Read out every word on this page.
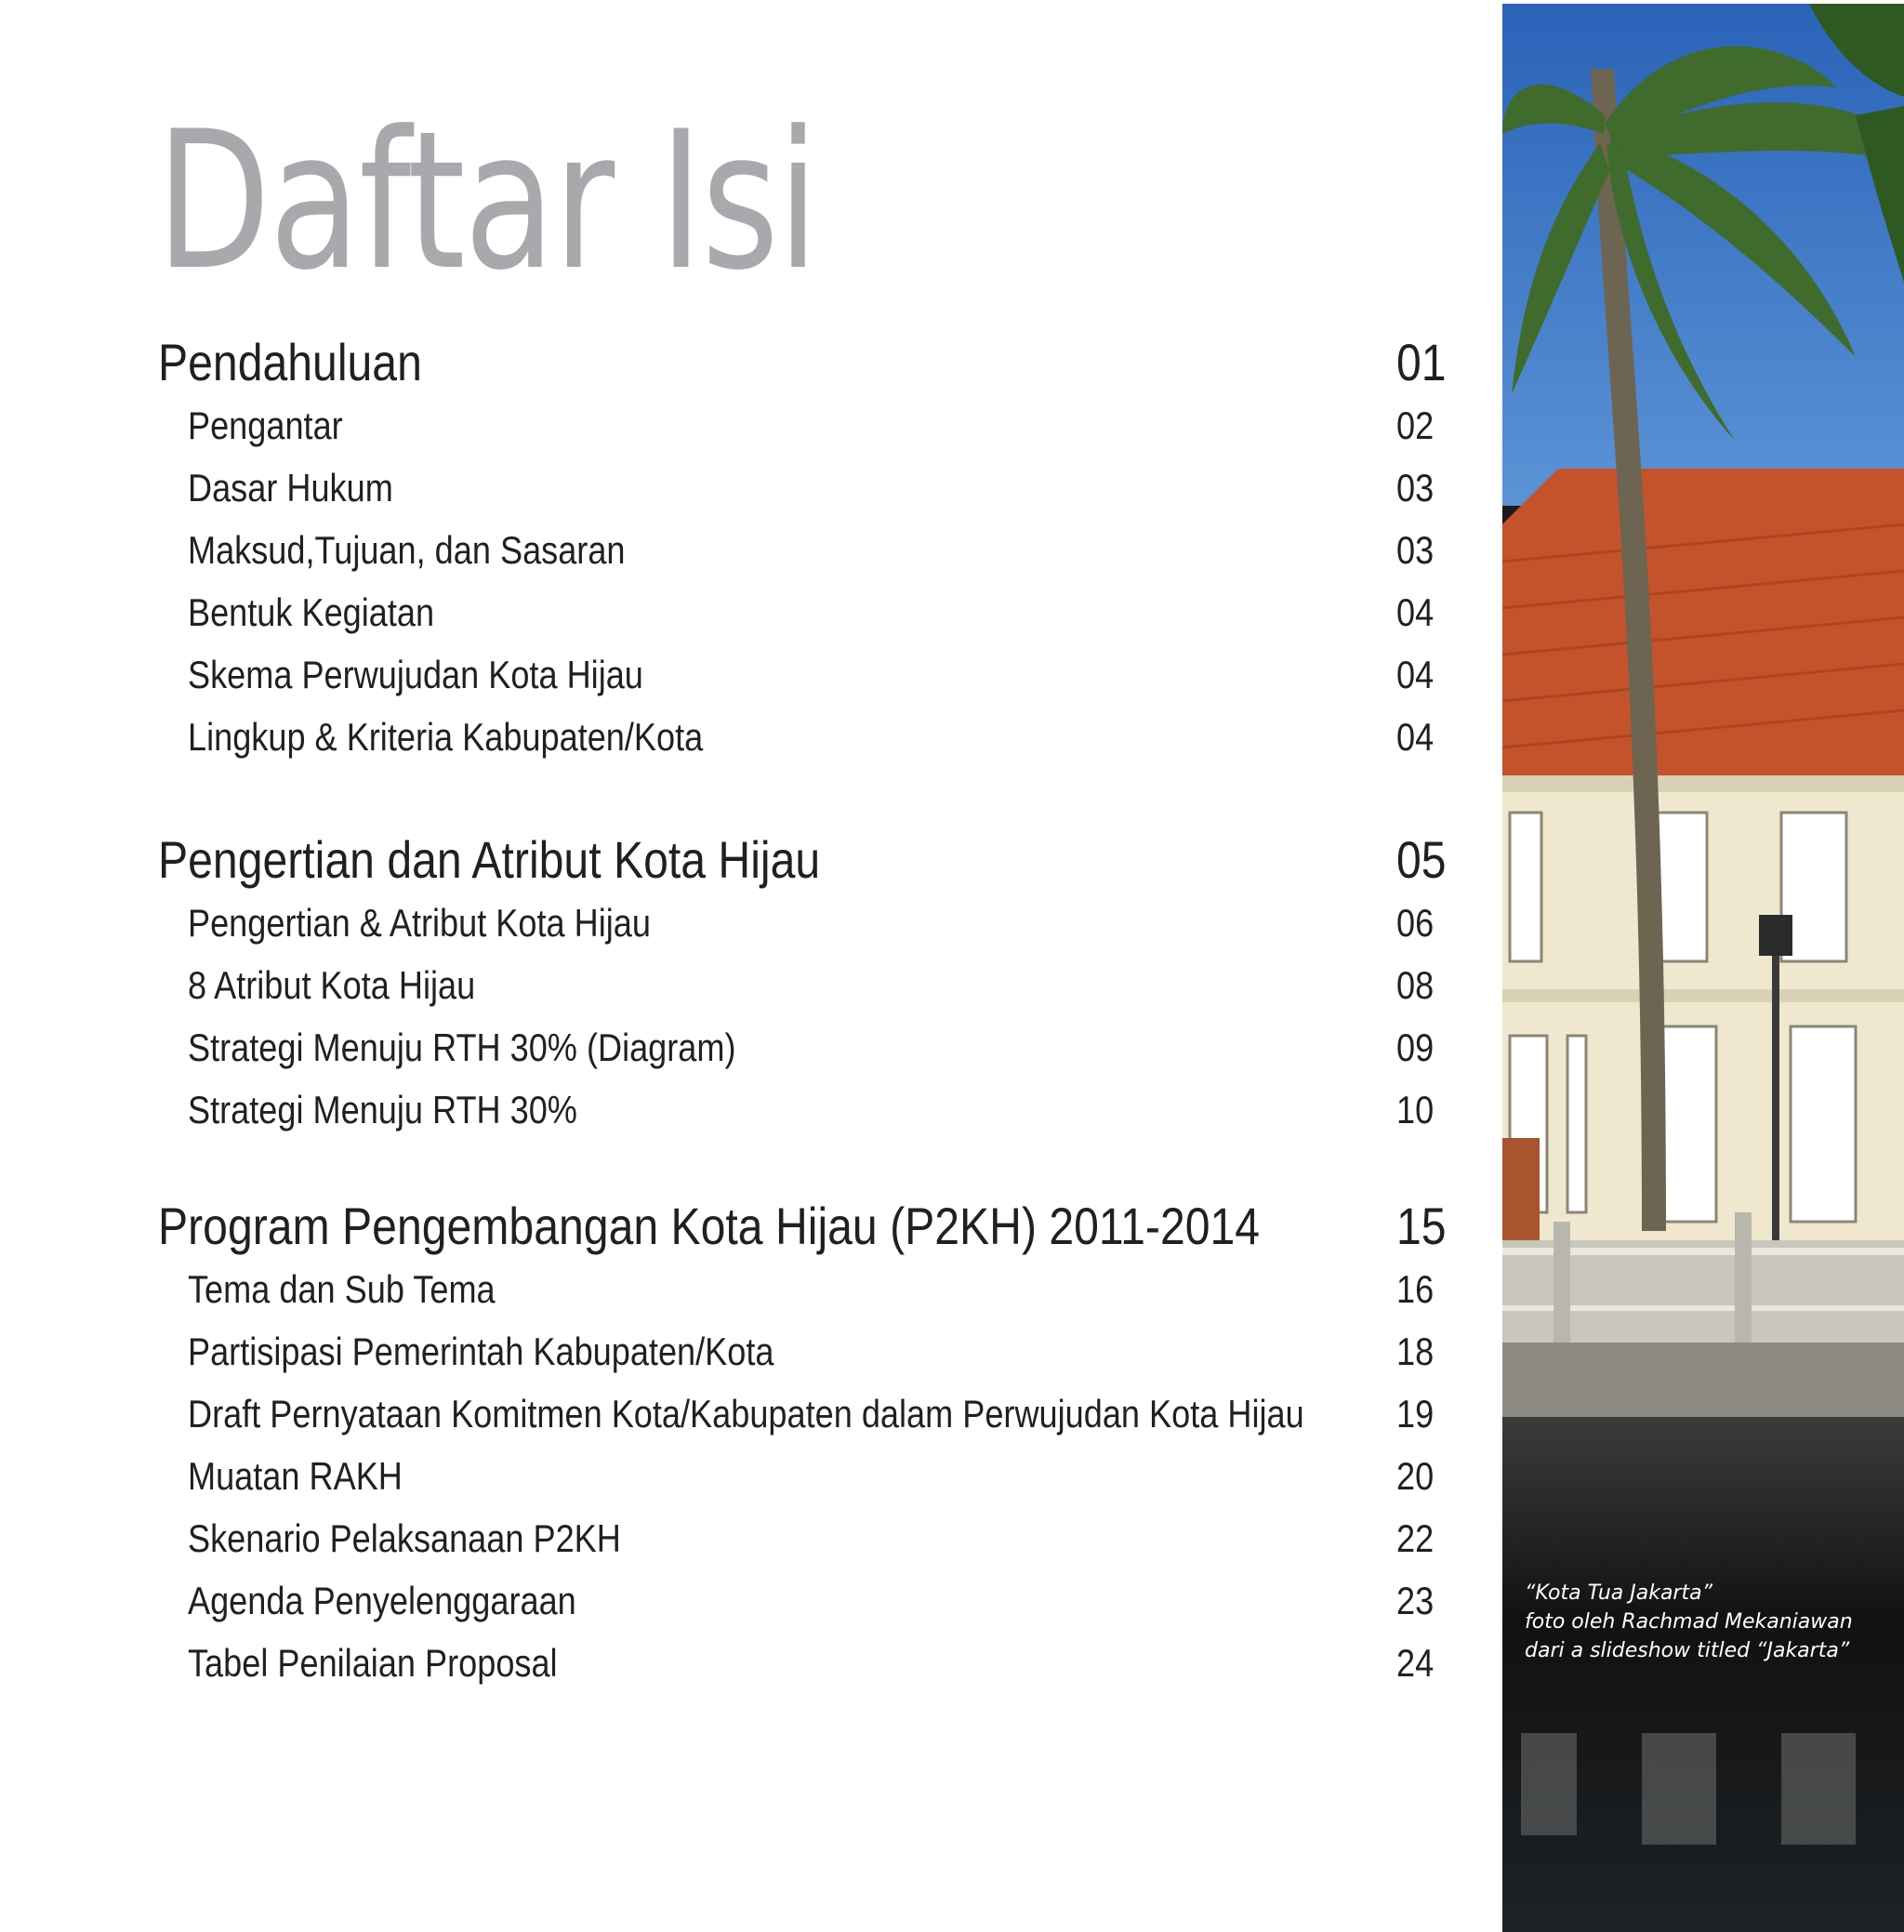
Daftar Isi
Pendahuluan	01
Pengantar	02
Dasar Hukum	03
Maksud,Tujuan, dan Sasaran	03
Bentuk Kegiatan	04
Skema Perwujudan Kota Hijau	04
Lingkup & Kriteria Kabupaten/Kota	04
Pengertian dan Atribut Kota Hijau	05
Pengertian & Atribut Kota Hijau	06
8 Atribut Kota Hijau	08
Strategi Menuju RTH 30% (Diagram)	09
Strategi Menuju RTH 30%	10
Program Pengembangan Kota Hijau (P2KH) 2011-2014	15
Tema dan Sub Tema	16
Partisipasi Pemerintah Kabupaten/Kota	18
Draft Pernyataan Komitmen Kota/Kabupaten dalam Perwujudan Kota Hijau 19
Muatan RAKH	20
Skenario Pelaksanaan P2KH	22
Agenda Penyelenggaraan	23
Tabel Penilaian Proposal	24
“Kota Tua Jakarta”
foto oleh Rachmad Mekaniawan
dari a slideshow titled “Jakarta”
